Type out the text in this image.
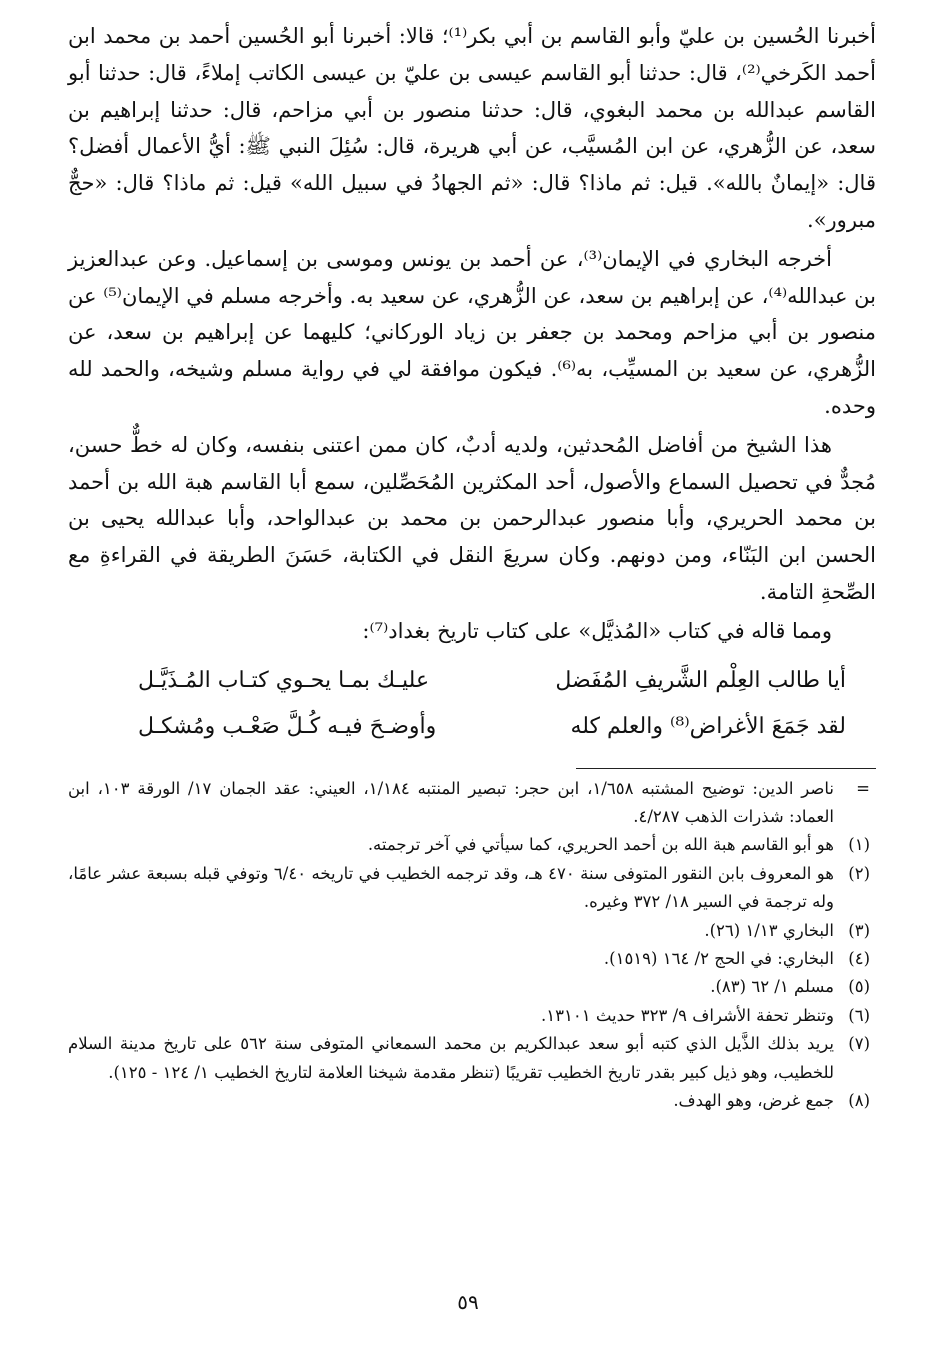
أخبرنا الحُسين بن عليّ وأبو القاسم بن أبي بكر⁽¹⁾؛ قالا: أخبرنا أبو الحُسين أحمد بن محمد ابن أحمد الكَرخي⁽²⁾، قال: حدثنا أبو القاسم عيسى بن عليّ بن عيسى الكاتب إملاءً، قال: حدثنا أبو القاسم عبدالله بن محمد البغوي، قال: حدثنا منصور بن أبي مزاحم، قال: حدثنا إبراهيم بن سعد، عن الزُّهري، عن ابن المُسيَّب، عن أبي هريرة، قال: سُئِلَ النبي ﷺ: أيُّ الأعمال أفضل؟ قال: «إيمانٌ بالله». قيل: ثم ماذا؟ قال: «ثم الجهادُ في سبيل الله» قيل: ثم ماذا؟ قال: «حجٌّ مبرور».

أخرجه البخاري في الإيمان⁽³⁾، عن أحمد بن يونس وموسى بن إسماعيل. وعن عبدالعزيز بن عبدالله⁽⁴⁾، عن إبراهيم بن سعد، عن الزُّهري، عن سعيد به. وأخرجه مسلم في الإيمان⁽⁵⁾ عن منصور بن أبي مزاحم ومحمد بن جعفر بن زياد الوركاني؛ كليهما عن إبراهيم بن سعد، عن الزُّهري، عن سعيد بن المسيِّب، به⁽⁶⁾. فيكون موافقة لي في رواية مسلم وشيخه، والحمد لله وحده.

هذا الشيخ من أفاضل المُحدثين، ولديه أدبٌ، كان ممن اعتنى بنفسه، وكان له خطٌّ حسن، مُجدٌّ في تحصيل السماع والأصول، أحد المكثرين المُحَصِّلين، سمع أبا القاسم هبة الله بن أحمد بن محمد الحريري، وأبا منصور عبدالرحمن بن محمد بن عبدالواحد، وأبا عبدالله يحيى بن الحسن ابن البَنّاء، ومن دونهم. وكان سريعَ النقل في الكتابة، حَسَنَ الطريقة في القراءةِ مع الصِّحةِ التامة.

ومما قاله في كتاب «المُذيَّل» على كتاب تاريخ بغداد⁽⁷⁾:

أيا طالب العِلْم الشَّريفِ المُفَضل
عليـك بمـا يحـوي كتـاب المُـذَيَّـل
لقد جَمَعَ الأغراض⁽⁸⁾ والعلم كله
وأوضـحَ فيـه كُـلَّ صَعْـب ومُشكـل
=
ناصر الدين: توضيح المشتبه ١/٦٥٨، ابن حجر: تبصير المنتبه ١/١٨٤، العيني: عقد الجمان ١٧/ الورقة ١٠٣، ابن العماد: شذرات الذهب ٤/٢٨٧.
(١)
هو أبو القاسم هبة الله بن أحمد الحريري، كما سيأتي في آخر ترجمته.
(٢)
هو المعروف بابن النقور المتوفى سنة ٤٧٠ هـ، وقد ترجمه الخطيب في تاريخه ٦/٤٠ وتوفي قبله بسبعة عشر عامًا، وله ترجمة في السير ١٨/ ٣٧٢ وغيره.
(٣)
البخاري ١/١٣ (٢٦).
(٤)
البخاري: في الحج ٢/ ١٦٤ (١٥١٩).
(٥)
مسلم ١/ ٦٢ (٨٣).
(٦)
وتنظر تحفة الأشراف ٩/ ٣٢٣ حديث ١٣١٠١.
(٧)
يريد بذلك الذَّيل الذي كتبه أبو سعد عبدالكريم بن محمد السمعاني المتوفى سنة ٥٦٢ على تاريخ مدينة السلام للخطيب، وهو ذيل كبير بقدر تاريخ الخطيب تقريبًا (تنظر مقدمة شيخنا العلامة لتاريخ الخطيب ١/ ١٢٤ - ١٢٥).
(٨)
جمع غرض، وهو الهدف.
٥٩
